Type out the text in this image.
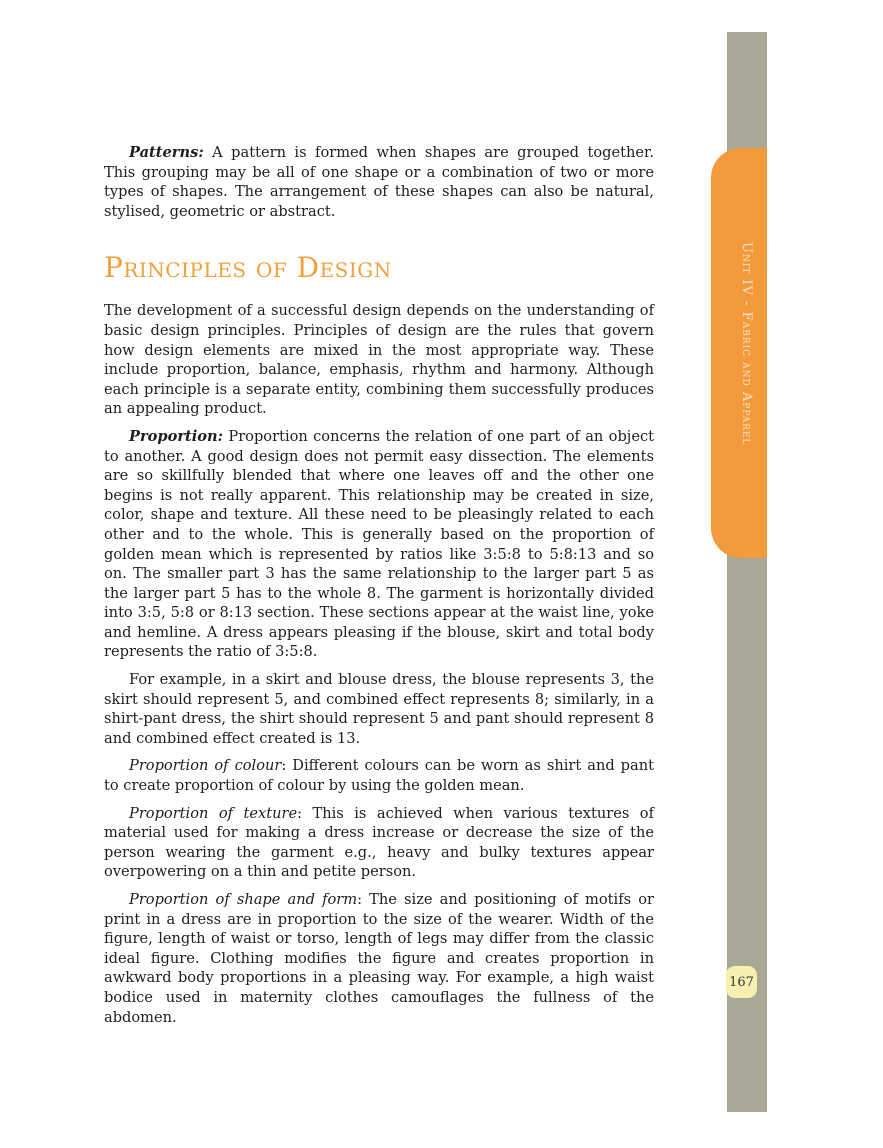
Unit IV - Fabric and Apparel
167

Patterns: A pattern is formed when shapes are grouped together. This grouping may be all of one shape or a combination of two or more types of shapes. The arrangement of these shapes can also be natural, stylised, geometric or abstract.

Principles of Design

The development of a successful design depends on the understanding of basic design principles. Principles of design are the rules that govern how design elements are mixed in the most appropriate way. These include proportion, balance, emphasis, rhythm and harmony. Although each principle is a separate entity, combining them successfully produces an appealing product.

Proportion: Proportion concerns the relation of one part of an object to another. A good design does not permit easy dissection. The elements are so skillfully blended that where one leaves off and the other one begins is not really apparent. This relationship may be created in size, color, shape and texture. All these need to be pleasingly related to each other and to the whole. This is generally based on the proportion of golden mean which is represented by ratios like 3:5:8 to 5:8:13 and so on. The smaller part 3 has the same relationship to the larger part 5 as the larger part 5 has to the whole 8. The garment is horizontally divided into 3:5, 5:8 or 8:13 section. These sections appear at the waist line, yoke and hemline. A dress appears pleasing if the blouse, skirt and total body represents the ratio of 3:5:8.

For example, in a skirt and blouse dress, the blouse represents 3, the skirt should represent 5, and combined effect represents 8; similarly, in a shirt-pant dress, the shirt should represent 5 and pant should represent 8 and combined effect created is 13.

Proportion of colour: Different colours can be worn as shirt and pant to create proportion of colour by using the golden mean.

Proportion of texture: This is achieved when various textures of material used for making a dress increase or decrease the size of the person wearing the garment e.g., heavy and bulky textures appear overpowering on a thin and petite person.

Proportion of shape and form: The size and positioning of motifs or print in a dress are in proportion to the size of the wearer. Width of the figure, length of waist or torso, length of legs may differ from the classic ideal figure. Clothing modifies the figure and creates proportion in awkward body proportions in a pleasing way. For example, a high waist bodice used in maternity clothes camouflages the fullness of the abdomen.
